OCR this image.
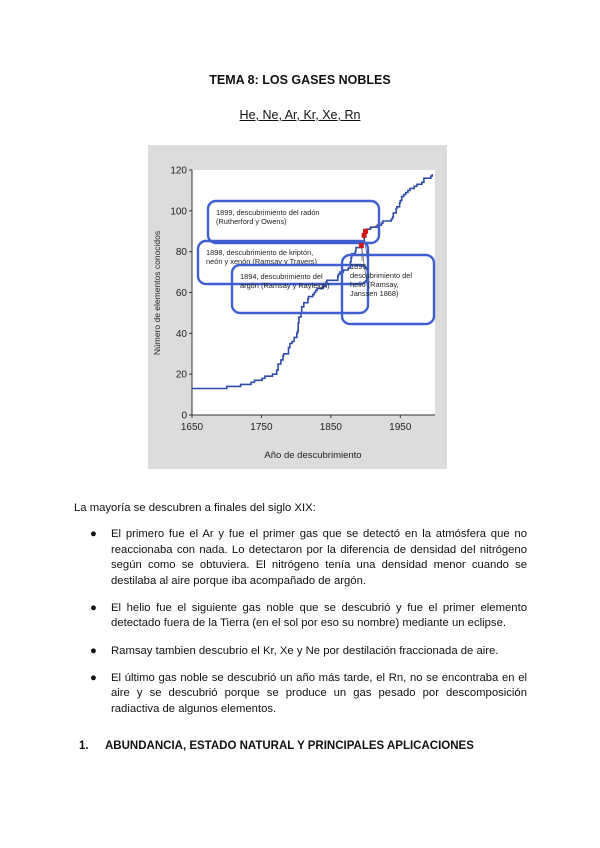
TEMA 8: LOS GASES NOBLES
He, Ne, Ar, Kr, Xe, Rn
0
20
40
60
80
100
120
1650	1750	1850	1950
1899, descubrimiento del radón (Rutherford y Owens)
1898, descubrimiento de kriptón, neón y xenón (Ramsay y Travers)
1894, descubrimiento del argón (Ramsay y Rayleigh)
1895, descubrimiento del helio (Ramsay, Janssen 1868)
Año de descubrimiento
Número de elementos conocidos
La mayoría se descubren a finales del siglo XIX:
● El primero fue el Ar y fue el primer gas que se detectó en la atmósfera que no reaccionaba con nada. Lo detectaron por la diferencia de densidad del nitrógeno según como se obtuviera. El nitrógeno tenía una densidad menor cuando se destilaba al aire porque iba acompañado de argón.
● El helio fue el siguiente gas noble que se descubrió y fue el primer elemento detectado fuera de la Tierra (en el sol por eso su nombre) mediante un eclipse.
● Ramsay tambien descubrio el Kr, Xe y Ne por destilación fraccionada de aire.
● El último gas noble se descubrió un año más tarde, el Rn, no se encontraba en el aire y se descubrió porque se produce un gas pesado por descomposición radiactiva de algunos elementos.
1. ABUNDANCIA, ESTADO NATURAL Y PRINCIPALES APLICACIONES
